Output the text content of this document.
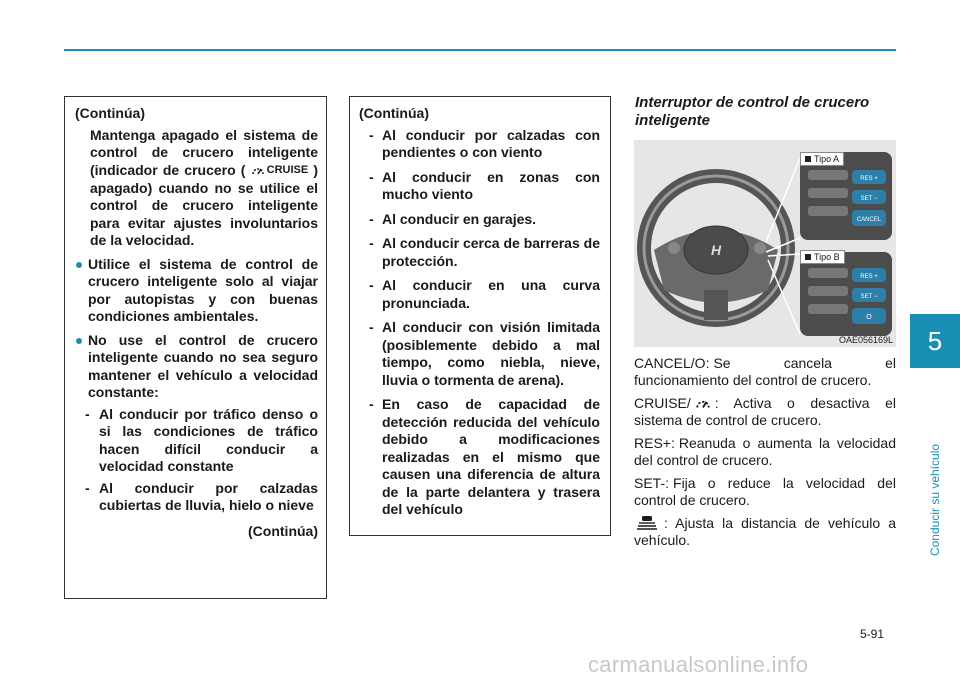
5
Conducir su vehículo

(Continúa)

Mantenga apagado el sistema de control de crucero inteligente (indicador de crucero ( CRUISE ) apagado) cuando no se utilice el control de crucero inteligente para evitar ajustes involuntarios de la velocidad.

Utilice el sistema de control de crucero inteligente solo al viajar por autopistas y con buenas condiciones ambientales.

No use el control de crucero inteligente cuando no sea seguro mantener el vehículo a velocidad constante:

- Al conducir por tráfico denso o si las condiciones de tráfico hacen difícil conducir a velocidad constante

- Al conducir por calzadas cubiertas de lluvia, hielo o nieve

(Continúa)

(Continúa)

- Al conducir por calzadas con pendientes o con viento

- Al conducir en zonas con mucho viento

- Al conducir en garajes.

- Al conducir cerca de barreras de protección.

- Al conducir en una curva pronunciada.

- Al conducir con visión limitada (posiblemente debido a mal tiempo, como niebla, nieve, lluvia o tormenta de arena).

- En caso de capacidad de detección reducida del vehículo debido a modificaciones realizadas en el mismo que causen una diferencia de altura de la parte delantera y trasera del vehículo

Interruptor de control de crucero inteligente
H
RES +
SET −
CANCEL
RES +
SET −
O
Tipo A
Tipo B
OAE056169L
CANCEL/O: Se cancela el funcionamiento del control de crucero.
CRUISE/	: Activa o desactiva el sistema de control de crucero.
RES+: Reanuda o aumenta la velocidad del control de crucero.
SET-: Fija o reduce la velocidad del control de crucero.
: Ajusta la distancia de vehículo a vehículo.
5-91
carmanualsonline.info
